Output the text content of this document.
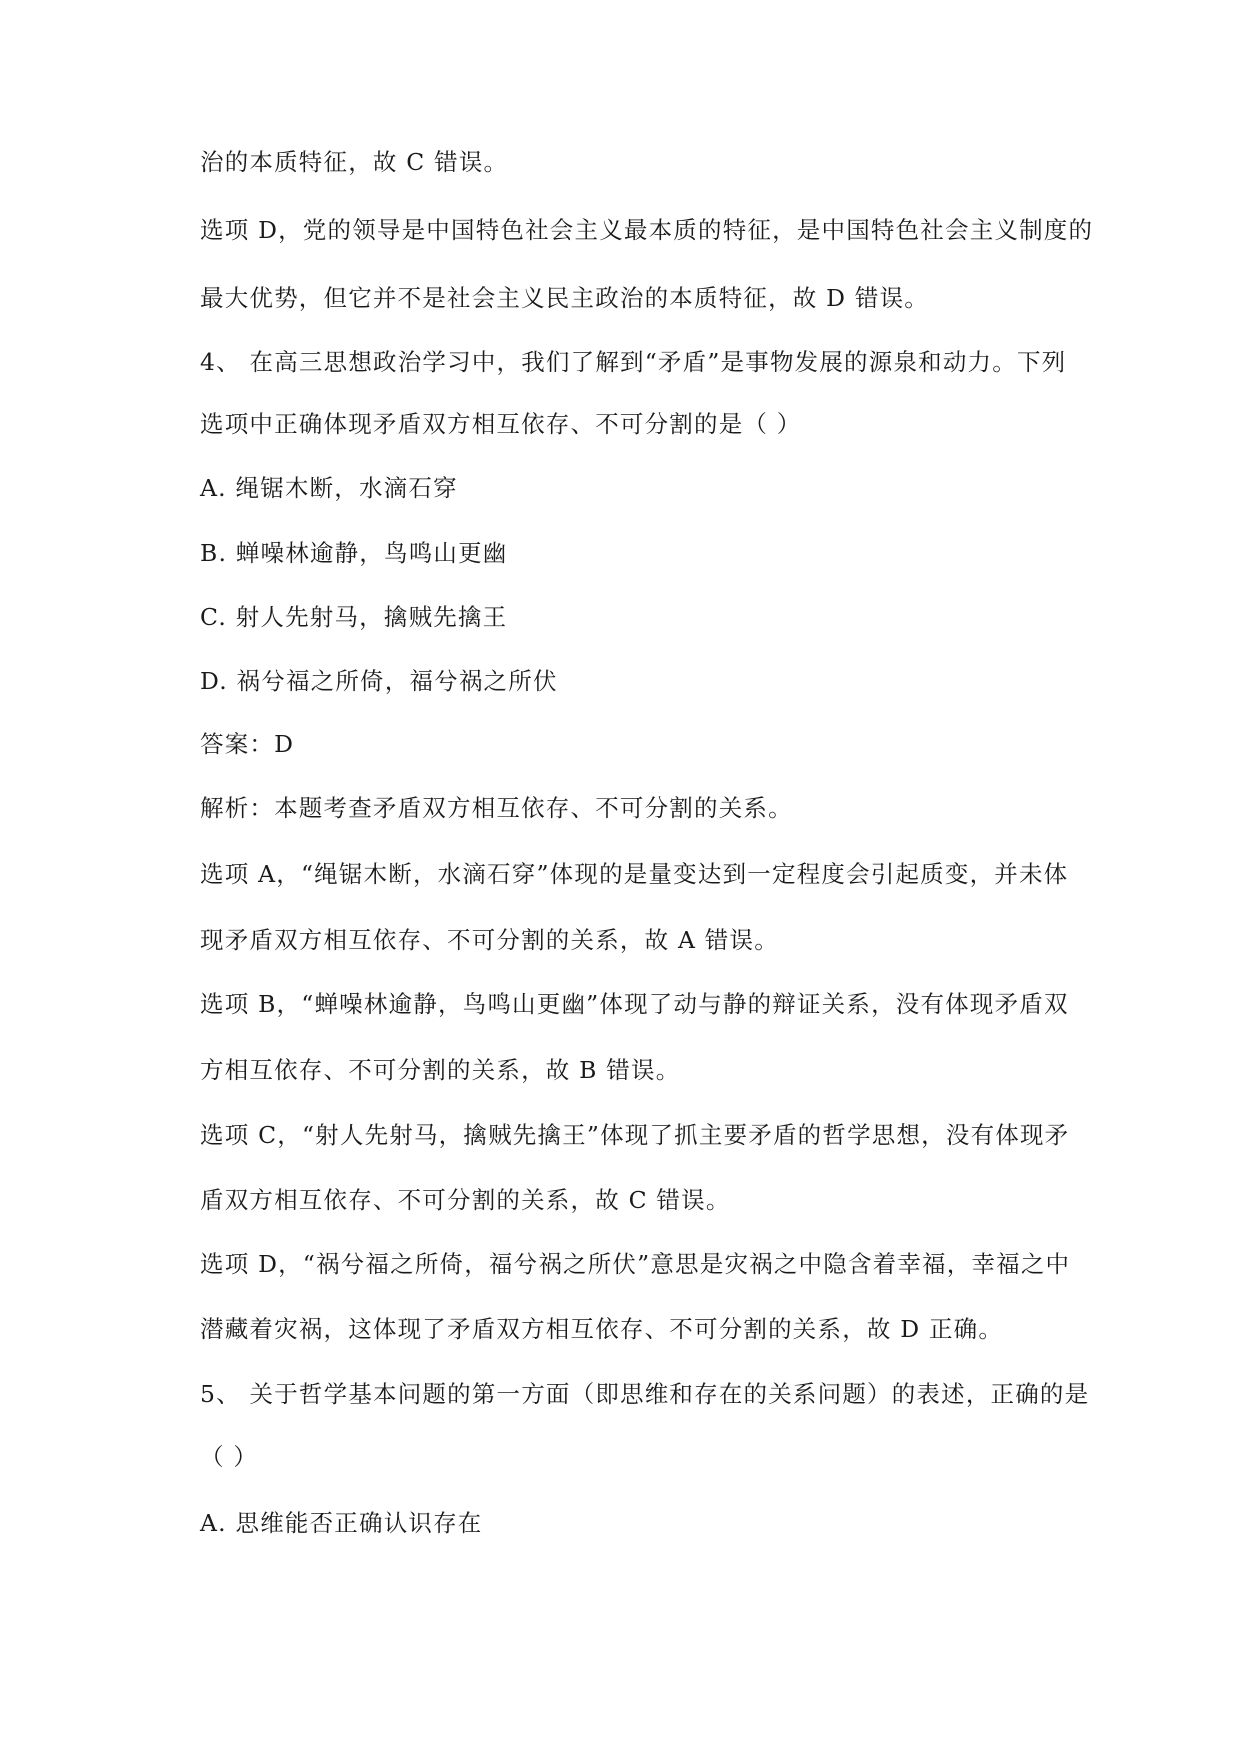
治的本质特征，故 C 错误。
选项 D，党的领导是中国特色社会主义最本质的特征，是中国特色社会主义制度的
最大优势，但它并不是社会主义民主政治的本质特征，故 D 错误。
4、 在高三思想政治学习中，我们了解到“矛盾”是事物发展的源泉和动力。下列
选项中正确体现矛盾双方相互依存、不可分割的是（ ）
A. 绳锯木断，水滴石穿
B. 蝉噪林逾静，鸟鸣山更幽
C. 射人先射马，擒贼先擒王
D. 祸兮福之所倚，福兮祸之所伏
答案：D
解析：本题考查矛盾双方相互依存、不可分割的关系。
选项 A，“绳锯木断，水滴石穿”体现的是量变达到一定程度会引起质变，并未体
现矛盾双方相互依存、不可分割的关系，故 A 错误。
选项 B，“蝉噪林逾静，鸟鸣山更幽”体现了动与静的辩证关系，没有体现矛盾双
方相互依存、不可分割的关系，故 B 错误。
选项 C，“射人先射马，擒贼先擒王”体现了抓主要矛盾的哲学思想，没有体现矛
盾双方相互依存、不可分割的关系，故 C 错误。
选项 D，“祸兮福之所倚，福兮祸之所伏”意思是灾祸之中隐含着幸福，幸福之中
潜藏着灾祸，这体现了矛盾双方相互依存、不可分割的关系，故 D 正确。
5、 关于哲学基本问题的第一方面（即思维和存在的关系问题）的表述，正确的是
（ ）
A. 思维能否正确认识存在
